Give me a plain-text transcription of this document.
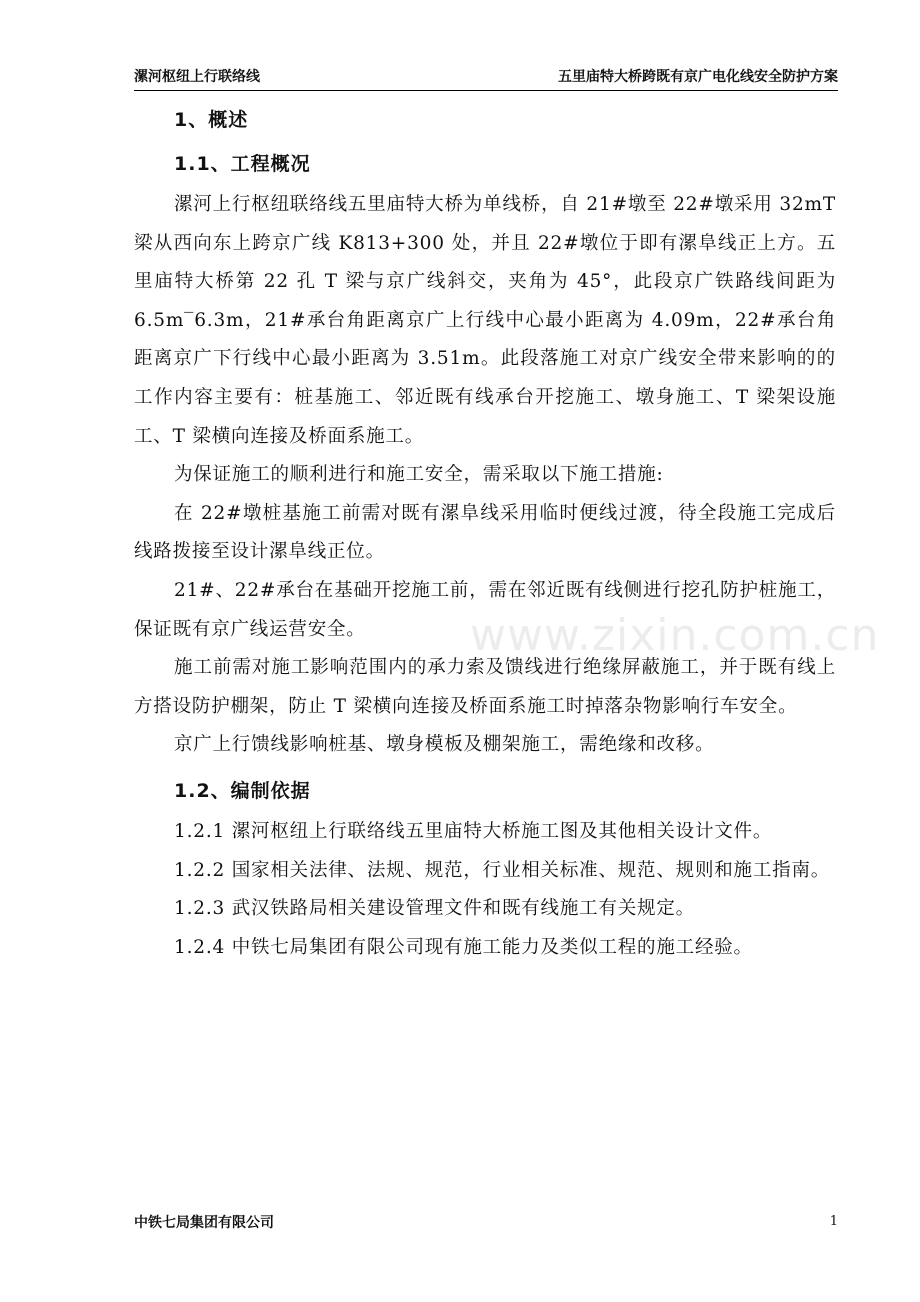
漯河枢纽上行联络线	五里庙特大桥跨既有京广电化线安全防护方案
www.zixin.com.cn
1、概述
1.1、工程概况

漯河上行枢纽联络线五里庙特大桥为单线桥，自 21#墩至 22#墩采用 32mT 梁从西向东上跨京广线 K813+300 处，并且 22#墩位于即有漯阜线正上方。五里庙特大桥第 22 孔 T 梁与京广线斜交，夹角为 45°，此段京广铁路线间距为 6.5m‾6.3m，21#承台角距离京广上行线中心最小距离为 4.09m，22#承台角距离京广下行线中心最小距离为 3.51m。此段落施工对京广线安全带来影响的的工作内容主要有：桩基施工、邻近既有线承台开挖施工、墩身施工、T 梁架设施工、T 梁横向连接及桥面系施工。

为保证施工的顺利进行和施工安全，需采取以下施工措施:

在 22#墩桩基施工前需对既有漯阜线采用临时便线过渡，待全段施工完成后线路拨接至设计漯阜线正位。

21#、22#承台在基础开挖施工前，需在邻近既有线侧进行挖孔防护桩施工，保证既有京广线运营安全。

施工前需对施工影响范围内的承力索及馈线进行绝缘屏蔽施工，并于既有线上方搭设防护棚架，防止 T 梁横向连接及桥面系施工时掉落杂物影响行车安全。

京广上行馈线影响桩基、墩身模板及棚架施工，需绝缘和改移。

1.2、编制依据

1.2.1 漯河枢纽上行联络线五里庙特大桥施工图及其他相关设计文件。

1.2.2 国家相关法律、法规、规范，行业相关标准、规范、规则和施工指南。

1.2.3 武汉铁路局相关建设管理文件和既有线施工有关规定。

1.2.4 中铁七局集团有限公司现有施工能力及类似工程的施工经验。

中铁七局集团有限公司	1
